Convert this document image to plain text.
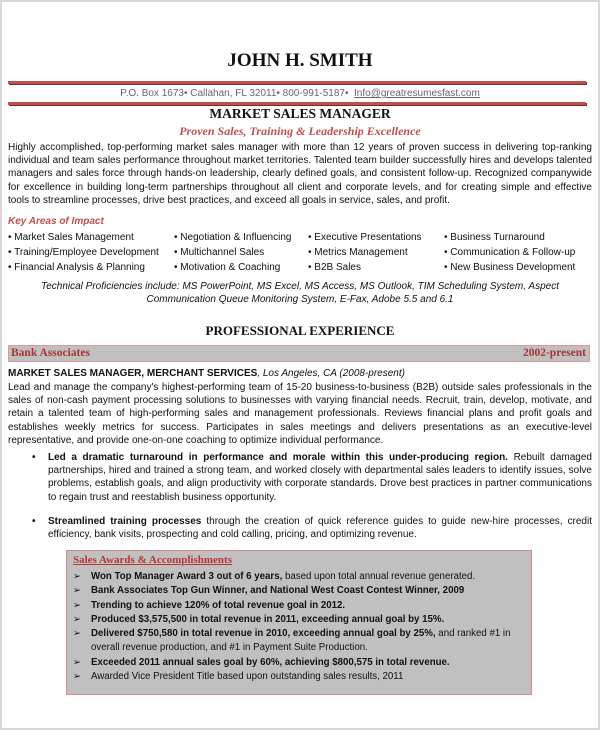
JOHN H. SMITH
P.O. Box 1673• Callahan, FL 32011• 800-991-5187• Info@greatresumesfast.com
MARKET SALES MANAGER
Proven Sales, Training & Leadership Excellence
Highly accomplished, top-performing market sales manager with more than 12 years of proven success in delivering top-ranking individual and team sales performance throughout market territories. Talented team builder successfully hires and develops talented managers and sales force through hands-on leadership, clearly defined goals, and consistent follow-up. Recognized companywide for excellence in building long-term partnerships throughout all client and corporate levels, and for creating simple and effective tools to streamline processes, drive best practices, and exceed all goals in service, sales, and profit.
Key Areas of Impact
• Market Sales Management	• Negotiation & Influencing	• Executive Presentations	• Business Turnaround
• Training/Employee Development	• Multichannel Sales	• Metrics Management	• Communication & Follow-up
• Financial Analysis & Planning	• Motivation & Coaching	• B2B Sales	• New Business Development
Technical Proficiencies include: MS PowerPoint, MS Excel, MS Access, MS Outlook, TIM Scheduling System, Aspect Communication Queue Monitoring System, E-Fax, Adobe 5.5 and 6.1
PROFESSIONAL EXPERIENCE
Bank Associates	2002-present
MARKET SALES MANAGER, MERCHANT SERVICES, Los Angeles, CA (2008-present)
Lead and manage the company's highest-performing team of 15-20 business-to-business (B2B) outside sales professionals in the sales of non-cash payment processing solutions to businesses with varying financial needs. Recruit, train, develop, motivate, and retain a talented team of high-performing sales and management professionals. Reviews financial plans and profit goals and establishes weekly metrics for success. Participates in sales meetings and delivers presentations as an executive-level representative, and provide one-on-one coaching to optimize individual performance.
• Led a dramatic turnaround in performance and morale within this under-producing region. Rebuilt damaged partnerships, hired and trained a strong team, and worked closely with departmental sales leaders to identify issues, solve problems, establish goals, and align productivity with corporate standards. Drove best practices in partner communications to regain trust and reestablish business opportunity.
• Streamlined training processes through the creation of quick reference guides to guide new-hire processes, credit efficiency, bank visits, prospecting and cold calling, pricing, and optimizing revenue.
Sales Awards & Accomplishments
➢ Won Top Manager Award 3 out of 6 years, based upon total annual revenue generated.
➢ Bank Associates Top Gun Winner, and National West Coast Contest Winner, 2009
➢ Trending to achieve 120% of total revenue goal in 2012.
➢ Produced $3,575,500 in total revenue in 2011, exceeding annual goal by 15%.
➢ Delivered $750,580 in total revenue in 2010, exceeding annual goal by 25%, and ranked #1 in overall revenue production, and #1 in Payment Suite Production.
➢ Exceeded 2011 annual sales goal by 60%, achieving $800,575 in total revenue.
➢ Awarded Vice President Title based upon outstanding sales results, 2011
